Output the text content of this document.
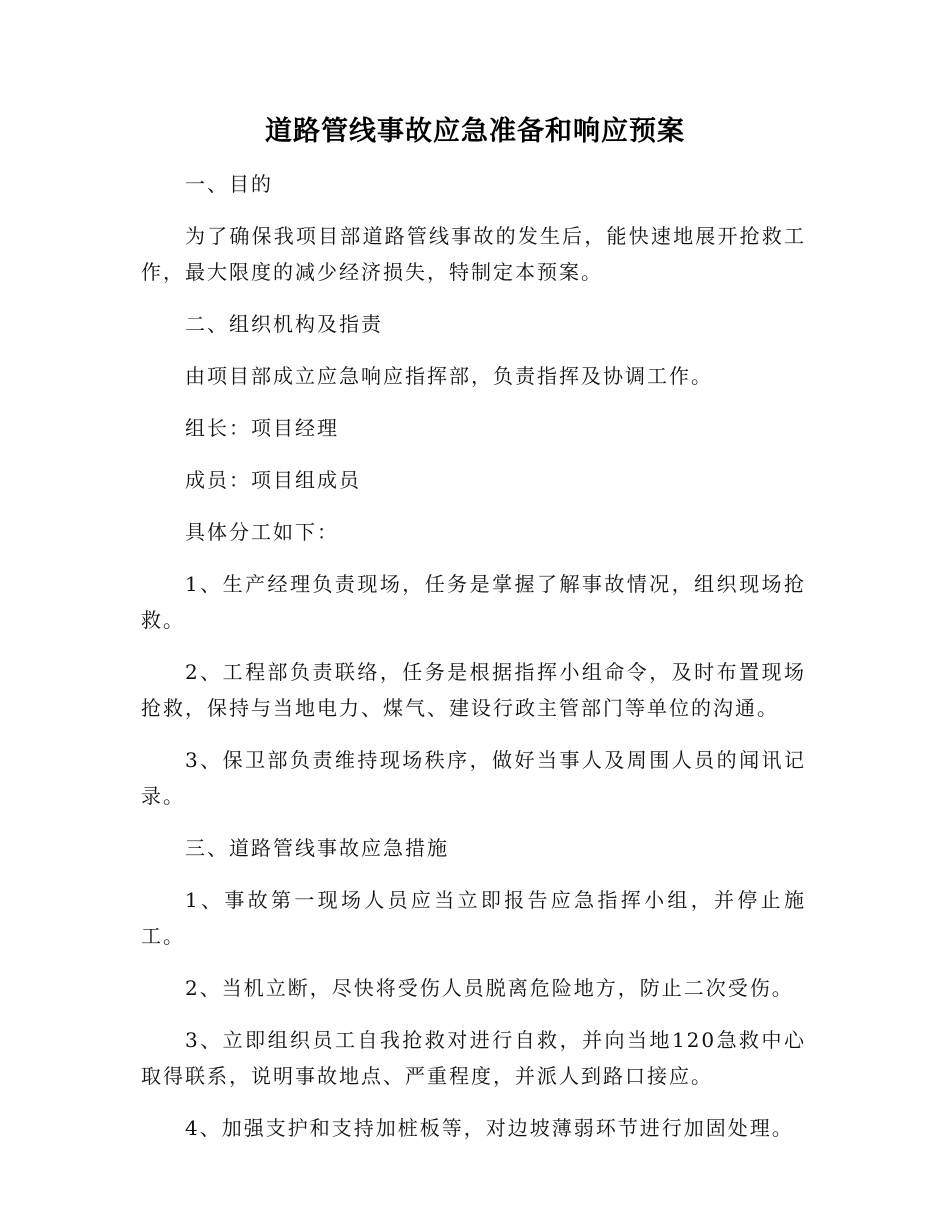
道路管线事故应急准备和响应预案

一、目的

为了确保我项目部道路管线事故的发生后，能快速地展开抢救工作，最大限度的减少经济损失，特制定本预案。

二、组织机构及指责

由项目部成立应急响应指挥部，负责指挥及协调工作。

组长：项目经理

成员：项目组成员

具体分工如下：

1、生产经理负责现场，任务是掌握了解事故情况，组织现场抢救。

2、工程部负责联络，任务是根据指挥小组命令，及时布置现场抢救，保持与当地电力、煤气、建设行政主管部门等单位的沟通。

3、保卫部负责维持现场秩序，做好当事人及周围人员的闻讯记录。

三、道路管线事故应急措施

1、事故第一现场人员应当立即报告应急指挥小组，并停止施工。

2、当机立断，尽快将受伤人员脱离危险地方，防止二次受伤。

3、立即组织员工自我抢救对进行自救，并向当地120急救中心取得联系，说明事故地点、严重程度，并派人到路口接应。

4、加强支护和支持加桩板等，对边坡薄弱环节进行加固处理。
